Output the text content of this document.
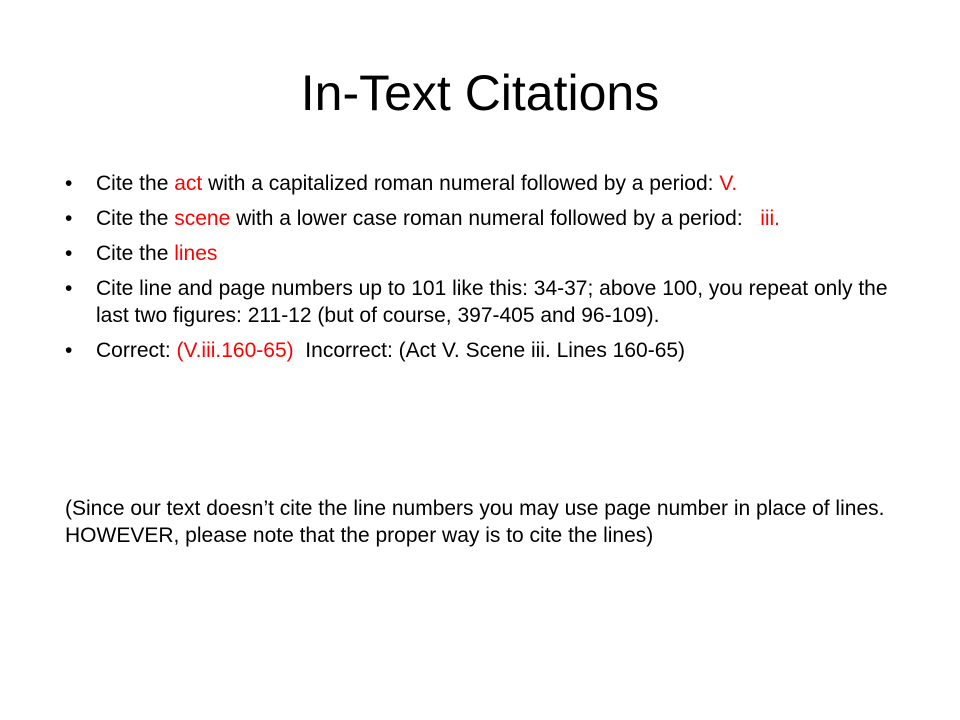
In-Text Citations
•	Cite the act with a capitalized roman numeral followed by a period: V.
•	Cite the scene with a lower case roman numeral followed by a period:   iii.
•	Cite the lines
•	Cite line and page numbers up to 101 like this: 34-37; above 100, you repeat only the last two figures: 211-12 (but of course, 397-405 and 96-109).
•	Correct: (V.iii.160-65)  Incorrect: (Act V. Scene iii. Lines 160-65)

(Since our text doesn’t cite the line numbers you may use page number in place of lines. HOWEVER, please note that the proper way is to cite the lines)
